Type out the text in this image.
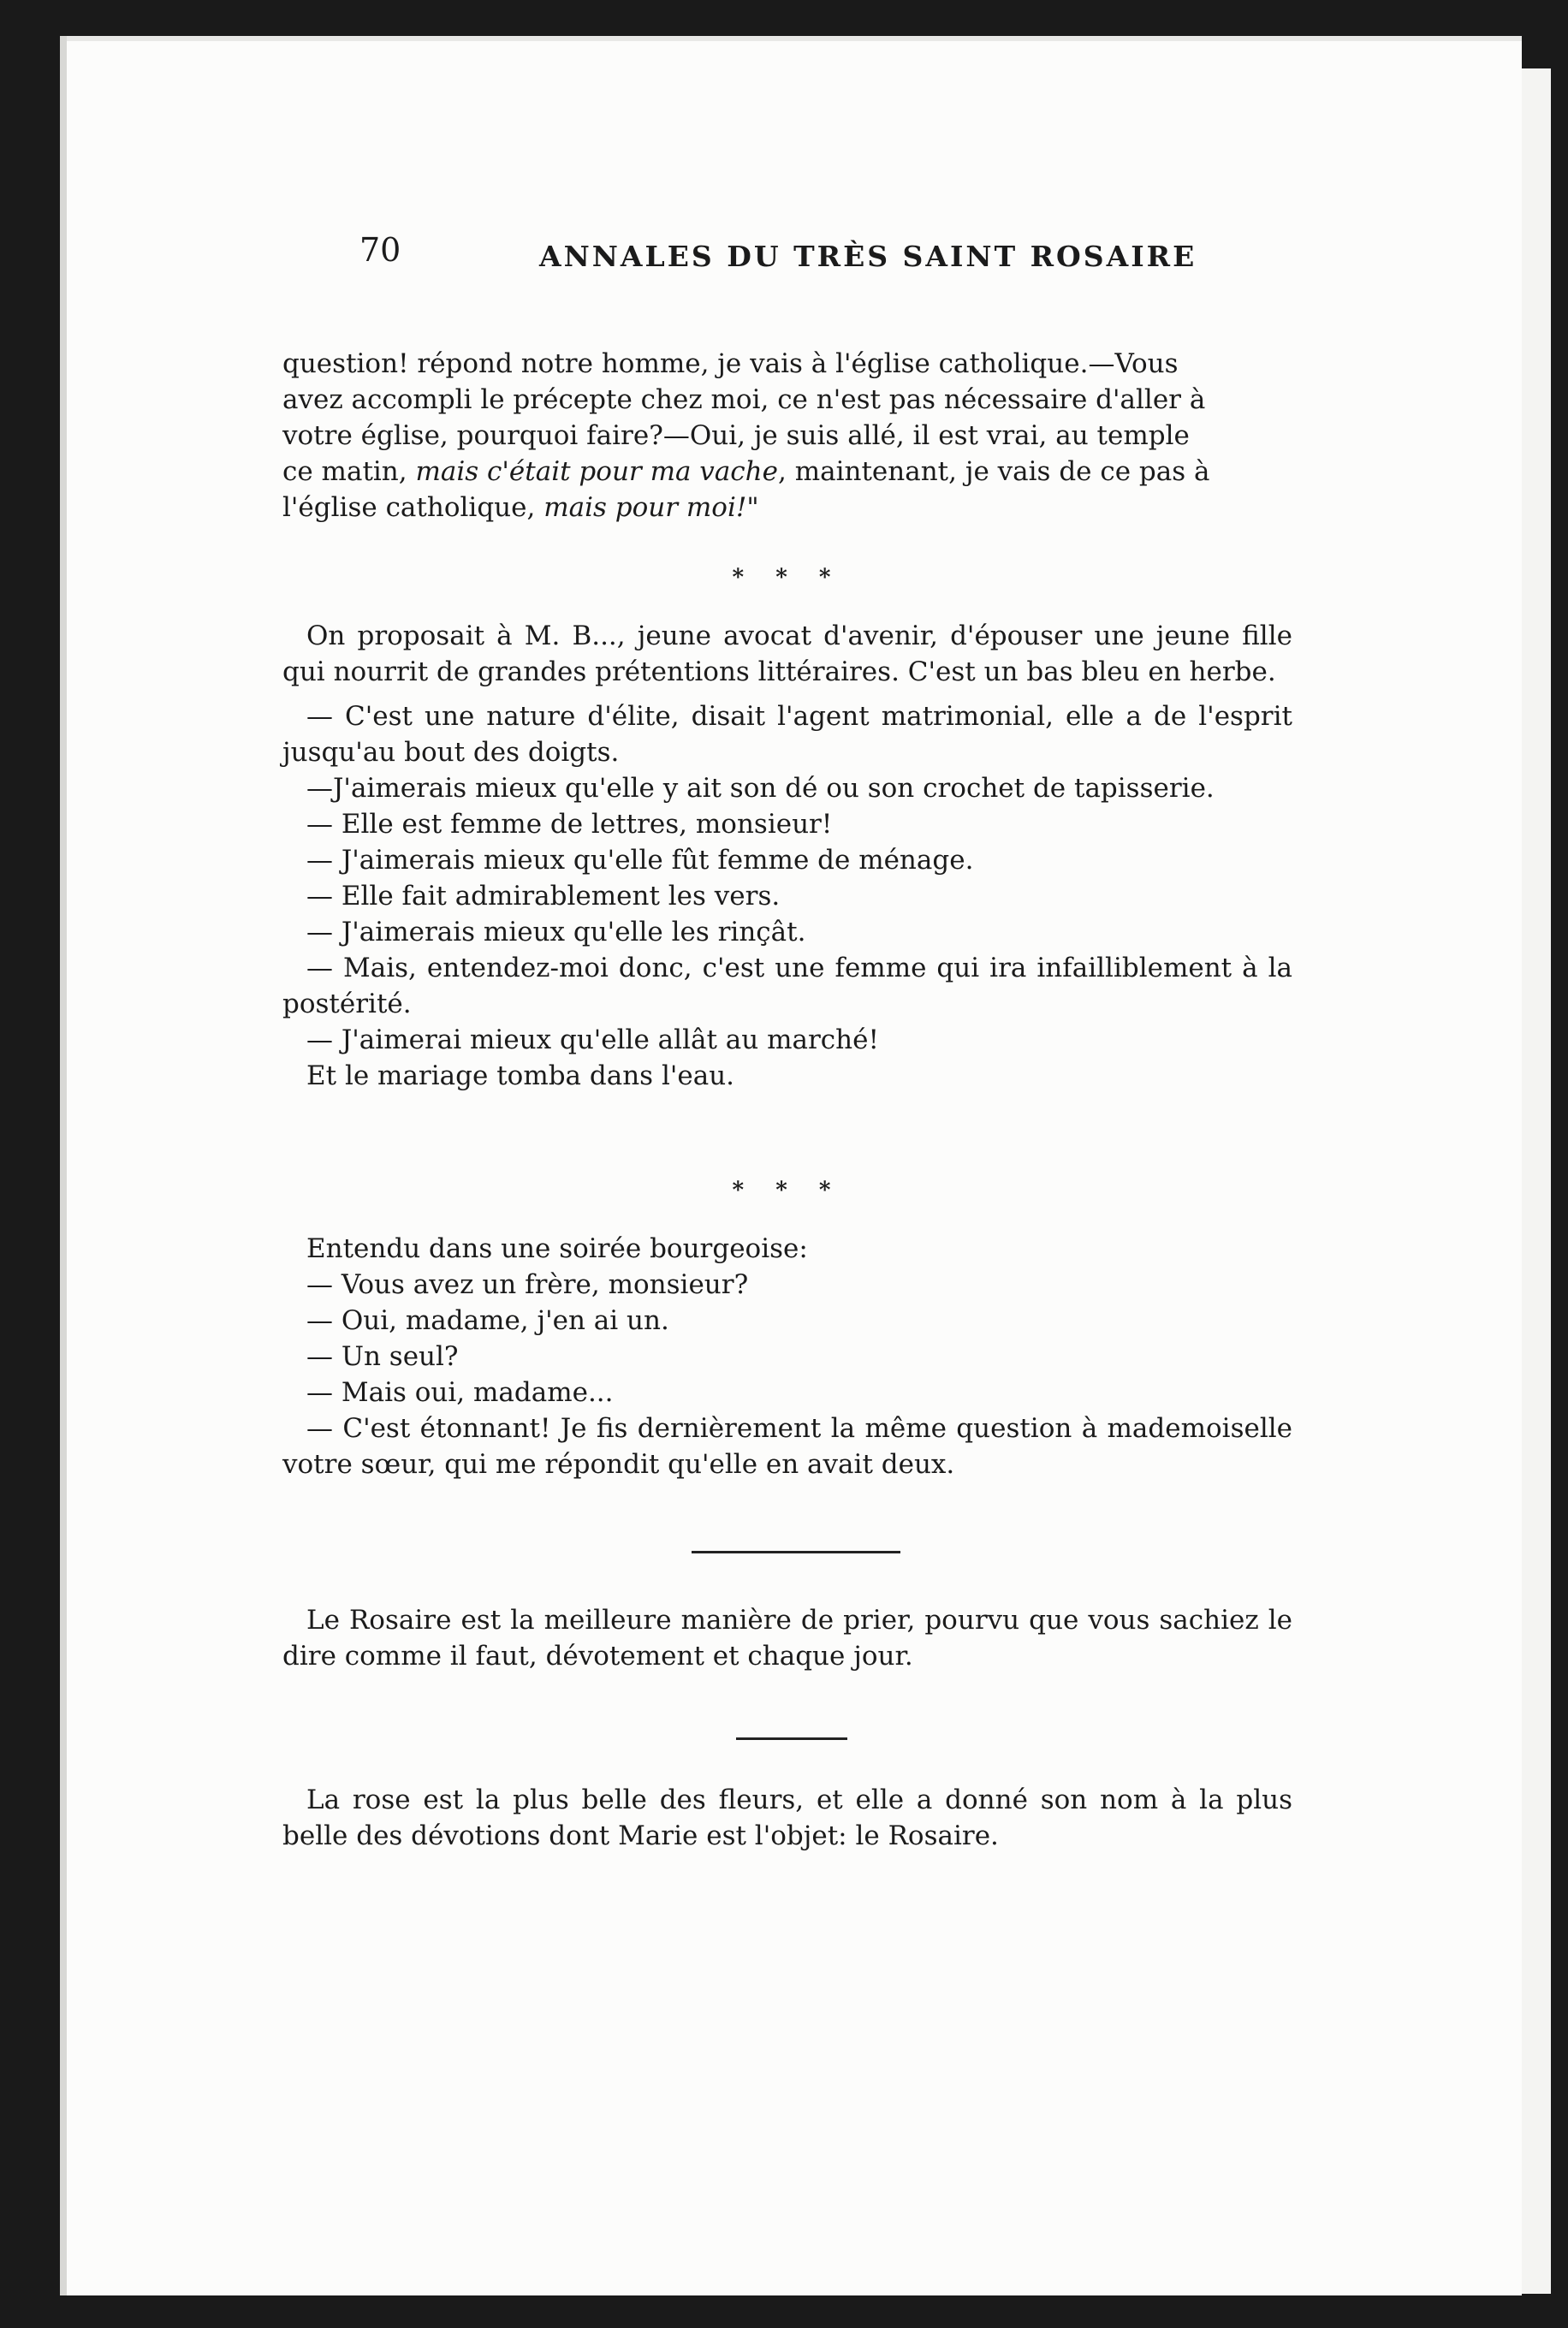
70	ANNALES DU TRÈS SAINT ROSAIRE

question! répond notre homme, je vais à l'église catholique.—Vous

avez accompli le précepte chez moi, ce n'est pas nécessaire d'aller à

votre église, pourquoi faire?—Oui, je suis allé, il est vrai, au temple

ce matin, mais c'était pour ma vache, maintenant, je vais de ce pas à

l'église catholique, mais pour moi!"

* * *

On proposait à M. B..., jeune avocat d'avenir, d'épouser une jeune fille qui nourrit de grandes prétentions littéraires. C'est un bas bleu en herbe.

— C'est une nature d'élite, disait l'agent matrimonial, elle a de l'esprit jusqu'au bout des doigts.

—J'aimerais mieux qu'elle y ait son dé ou son crochet de tapisserie.

— Elle est femme de lettres, monsieur!

— J'aimerais mieux qu'elle fût femme de ménage.

— Elle fait admirablement les vers.

— J'aimerais mieux qu'elle les rinçât.

— Mais, entendez-moi donc, c'est une femme qui ira infailliblement à la postérité.

— J'aimerai mieux qu'elle allât au marché!

Et le mariage tomba dans l'eau.

* * *

Entendu dans une soirée bourgeoise:

— Vous avez un frère, monsieur?

— Oui, madame, j'en ai un.

— Un seul?

— Mais oui, madame...

— C'est étonnant! Je fis dernièrement la même question à mademoiselle votre sœur, qui me répondit qu'elle en avait deux.

Le Rosaire est la meilleure manière de prier, pourvu que vous sachiez le dire comme il faut, dévotement et chaque jour.

La rose est la plus belle des fleurs, et elle a donné son nom à la plus belle des dévotions dont Marie est l'objet: le Rosaire.
